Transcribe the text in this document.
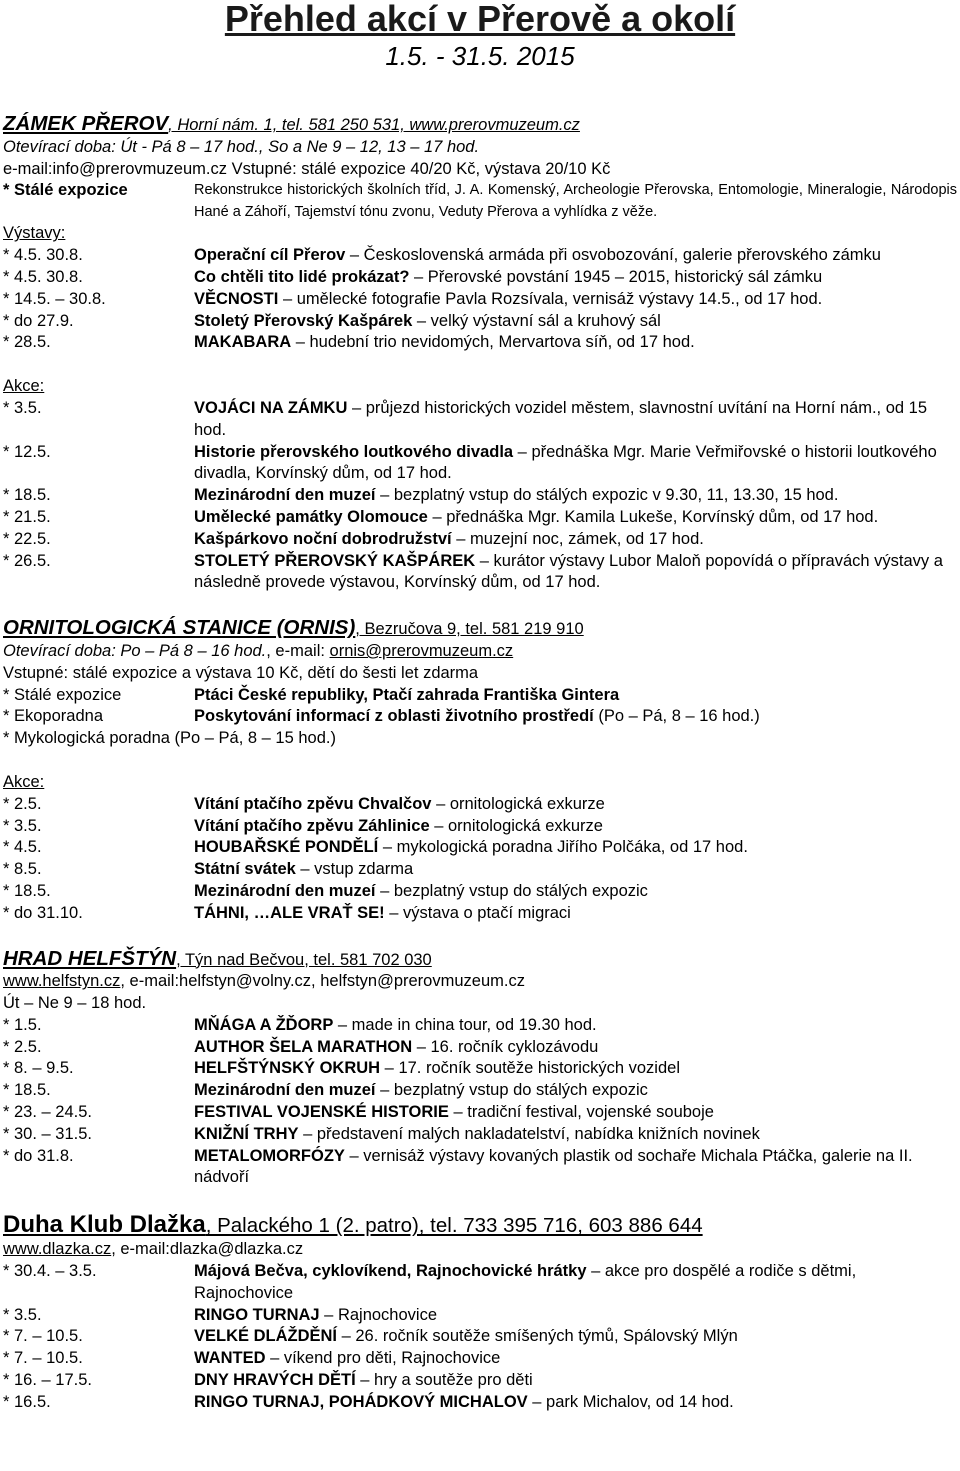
Přehled akcí v Přerově a okolí
1.5. - 31.5. 2015
ZÁMEK PŘEROV, Horní nám. 1, tel. 581 250 531, www.prerovmuzeum.cz
Otevírací doba: Út - Pá 8 – 17 hod., So a Ne 9 – 12, 13 – 17 hod.
e-mail:info@prerovmuzeum.cz Vstupné: stálé expozice 40/20 Kč, výstava 20/10 Kč
* Stálé expozice	Rekonstrukce historických školních tříd, J. A. Komenský, Archeologie Přerovska, Entomologie, Mineralogie, Národopis Hané a Záhoří, Tajemství tónu zvonu, Veduty Přerova a vyhlídka z věže.
Výstavy:
* 4.5. 30.8.	Operační cíl Přerov – Československá armáda při osvobozování, galerie přerovského zámku
* 4.5. 30.8.	Co chtěli tito lidé prokázat? – Přerovské povstání 1945 – 2015, historický sál zámku
* 14.5. – 30.8.	VĚCNOSTI – umělecké fotografie Pavla Rozsívala, vernisáž výstavy 14.5., od 17 hod.
* do 27.9.	Stoletý Přerovský Kašpárek – velký výstavní sál a kruhový sál
* 28.5.	MAKABARA – hudební trio nevidomých, Mervartova síň, od 17 hod.
Akce:
* 3.5.	VOJÁCI NA ZÁMKU – průjezd historických vozidel městem, slavnostní uvítání na Horní nám., od 15 hod.
* 12.5.	Historie přerovského loutkového divadla – přednáška Mgr. Marie Veřmiřovské o historii loutkového divadla, Korvínský dům, od 17 hod.
* 18.5.	Mezinárodní den muzeí – bezplatný vstup do stálých expozic v 9.30, 11, 13.30, 15 hod.
* 21.5.	Umělecké památky Olomouce – přednáška Mgr. Kamila Lukeše, Korvínský dům, od 17 hod.
* 22.5.	Kašpárkovo noční dobrodružství – muzejní noc, zámek, od 17 hod.
* 26.5.	STOLETÝ PŘEROVSKÝ KAŠPÁREK – kurátor výstavy Lubor Maloň popovídá o přípravách výstavy a následně provede výstavou, Korvínský dům, od 17 hod.
ORNITOLOGICKÁ STANICE (ORNIS), Bezručova 9, tel. 581 219 910
Otevírací doba: Po – Pá 8 – 16 hod., e-mail: ornis@prerovmuzeum.cz
Vstupné: stálé expozice a výstava 10 Kč, dětí do šesti let zdarma
* Stálé expozice	Ptáci České republiky, Ptačí zahrada Františka Gintera
* Ekoporadna	Poskytování informací z oblasti životního prostředí (Po – Pá, 8 – 16 hod.)
* Mykologická poradna (Po – Pá, 8 – 15 hod.)
Akce:
* 2.5.	Vítání ptačího zpěvu Chvalčov – ornitologická exkurze
* 3.5.	Vítání ptačího zpěvu Záhlinice – ornitologická exkurze
* 4.5.	HOUBAŘSKÉ PONDĚLÍ – mykologická poradna Jiřího Polčáka, od 17 hod.
* 8.5.	Státní svátek – vstup zdarma
* 18.5.	Mezinárodní den muzeí – bezplatný vstup do stálých expozic
* do 31.10.	TÁHNI, …ALE VRAŤ SE! – výstava o ptačí migraci
HRAD HELFŠTÝN, Týn nad Bečvou, tel. 581 702 030
www.helfstyn.cz, e-mail:helfstyn@volny.cz, helfstyn@prerovmuzeum.cz
Út – Ne 9 – 18 hod.
* 1.5.	MŇÁGA A ŽĎORP – made in china tour, od 19.30 hod.
* 2.5.	AUTHOR ŠELA MARATHON – 16. ročník cyklozávodu
* 8. – 9.5.	HELFŠTÝNSKÝ OKRUH – 17. ročník soutěže historických vozidel
* 18.5.	Mezinárodní den muzeí – bezplatný vstup do stálých expozic
* 23. – 24.5.	FESTIVAL VOJENSKÉ HISTORIE – tradiční festival, vojenské souboje
* 30. – 31.5.	KNIŽNÍ TRHY – představení malých nakladatelství, nabídka knižních novinek
* do 31.8.	METALOMORFÓZY – vernisáž výstavy kovaných plastik od sochaře Michala Ptáčka, galerie na II. nádvoří
Duha Klub Dlažka, Palackého 1 (2. patro), tel. 733 395 716, 603 886 644
www.dlazka.cz, e-mail:dlazka@dlazka.cz
* 30.4. – 3.5.	Májová Bečva, cyklovíkend, Rajnochovické hrátky – akce pro dospělé a rodiče s dětmi, Rajnochovice
* 3.5.	RINGO TURNAJ – Rajnochovice
* 7. – 10.5.	VELKÉ DLÁŽDĚNÍ – 26. ročník soutěže smíšených týmů, Spálovský Mlýn
* 7. – 10.5.	WANTED – víkend pro děti, Rajnochovice
* 16. – 17.5.	DNY HRAVÝCH DĚTÍ – hry a soutěže pro děti
* 16.5.	RINGO TURNAJ, POHÁDKOVÝ MICHALOV – park Michalov, od 14 hod.
